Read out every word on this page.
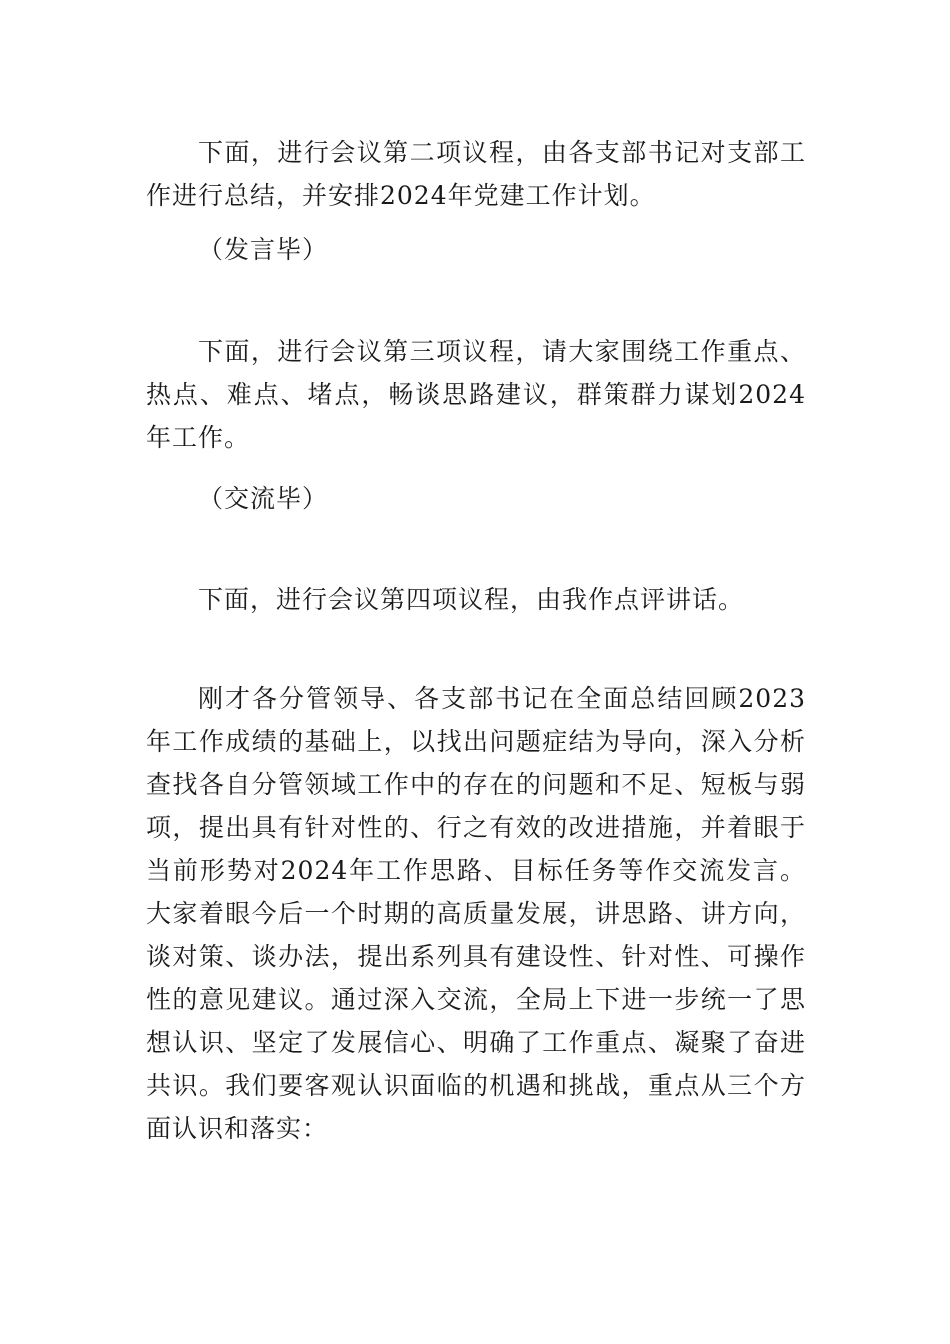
下面，进行会议第二项议程，由各支部书记对支部工作进行总结，并安排2024年党建工作计划。

（发言毕）

下面，进行会议第三项议程，请大家围绕工作重点、热点、难点、堵点，畅谈思路建议，群策群力谋划2024年工作。

（交流毕）

下面，进行会议第四项议程，由我作点评讲话。

刚才各分管领导、各支部书记在全面总结回顾2023年工作成绩的基础上，以找出问题症结为导向，深入分析查找各自分管领域工作中的存在的问题和不足、短板与弱项，提出具有针对性的、行之有效的改进措施，并着眼于当前形势对2024年工作思路、目标任务等作交流发言。大家着眼今后一个时期的高质量发展，讲思路、讲方向，谈对策、谈办法，提出系列具有建设性、针对性、可操作性的意见建议。通过深入交流，全局上下进一步统一了思想认识、坚定了发展信心、明确了工作重点、凝聚了奋进共识。我们要客观认识面临的机遇和挑战，重点从三个方面认识和落实：
